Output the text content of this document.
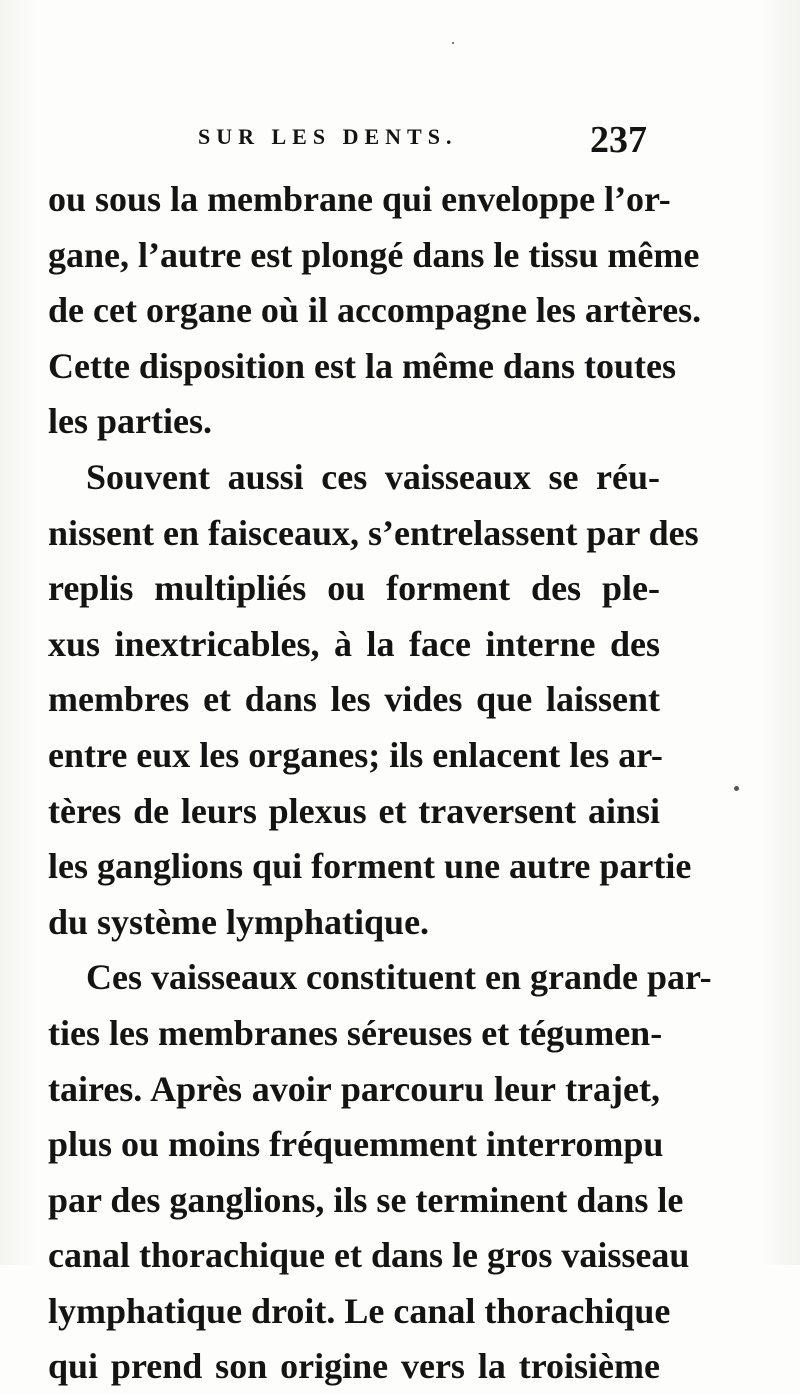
SUR LES DENTS.	237
ou sous la membrane qui enveloppe l’or-
gane, l’autre est plongé dans le tissu même
de cet organe où il accompagne les artères.
Cette disposition est la même dans toutes
les parties.
Souvent aussi ces vaisseaux se réu-
nissent en faisceaux, s’entrelassent par des
replis multipliés ou forment des ple-
xus inextricables, à la face interne des
membres et dans les vides que laissent
entre eux les organes; ils enlacent les ar-
tères de leurs plexus et traversent ainsi
les ganglions qui forment une autre partie
du système lymphatique.
Ces vaisseaux constituent en grande par-
ties les membranes séreuses et tégumen-
taires. Après avoir parcouru leur trajet,
plus ou moins fréquemment interrompu
par des ganglions, ils se terminent dans le
canal thorachique et dans le gros vaisseau
lymphatique droit. Le canal thorachique
qui prend son origine vers la troisième
